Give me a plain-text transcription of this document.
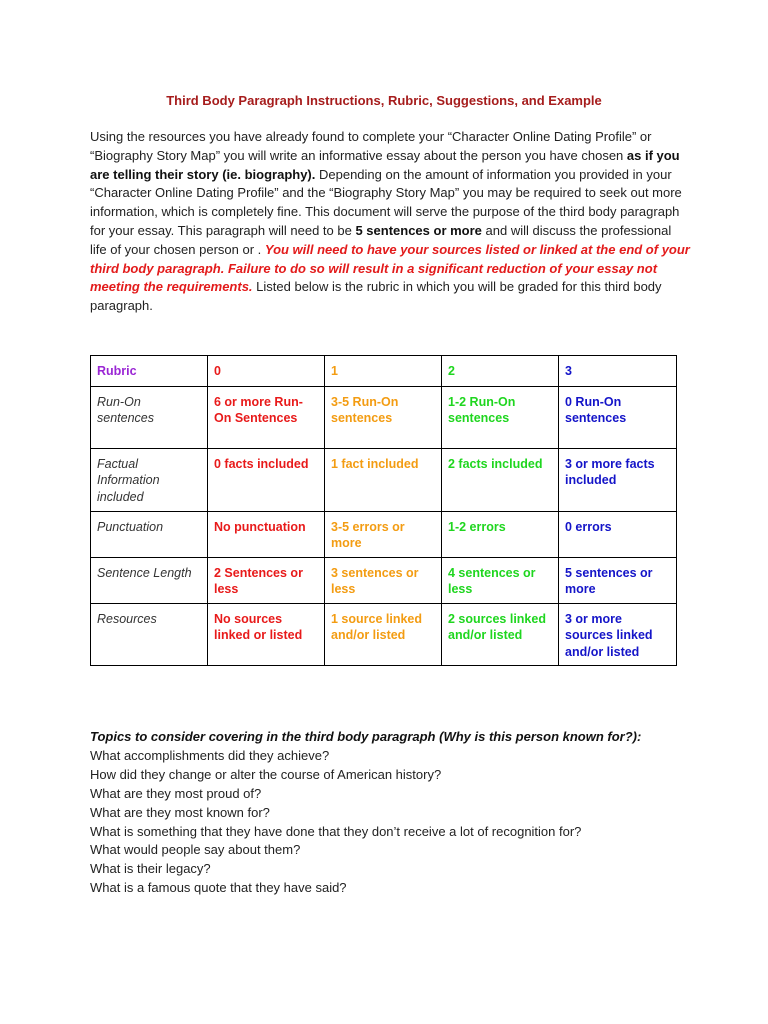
Third Body Paragraph Instructions, Rubric, Suggestions, and Example
Using the resources you have already found to complete your “Character Online Dating Profile” or “Biography Story Map” you will write an informative essay about the person you have chosen as if you are telling their story (ie. biography). Depending on the amount of information you provided in your “Character Online Dating Profile” and the “Biography Story Map” you may be required to seek out more information, which is completely fine. This document will serve the purpose of the third body paragraph for your essay. This paragraph will need to be 5 sentences or more and will discuss the professional life of your chosen person or . You will need to have your sources listed or linked at the end of your third body paragraph. Failure to do so will result in a significant reduction of your essay not meeting the requirements. Listed below is the rubric in which you will be graded for this third body paragraph.
Rubric	0	1	2	3
Run-On sentences	6 or more Run-On Sentences	3-5 Run-On sentences	1-2 Run-On sentences	0 Run-On sentences
Factual Information included	0 facts included	1 fact included	2 facts included	3 or more facts included
Punctuation	No punctuation	3-5 errors or more	1-2 errors	0 errors
Sentence Length	2 Sentences or less	3 sentences or less	4 sentences or less	5 sentences or more
Resources	No sources linked or listed	1 source linked and/or listed	2 sources linked and/or listed	3 or more sources linked and/or listed
Topics to consider covering in the third body paragraph (Why is this person known for?):
What accomplishments did they achieve?
How did they change or alter the course of American history?
What are they most proud of?
What are they most known for?
What is something that they have done that they don’t receive a lot of recognition for?
What would people say about them?
What is their legacy?
What is a famous quote that they have said?
